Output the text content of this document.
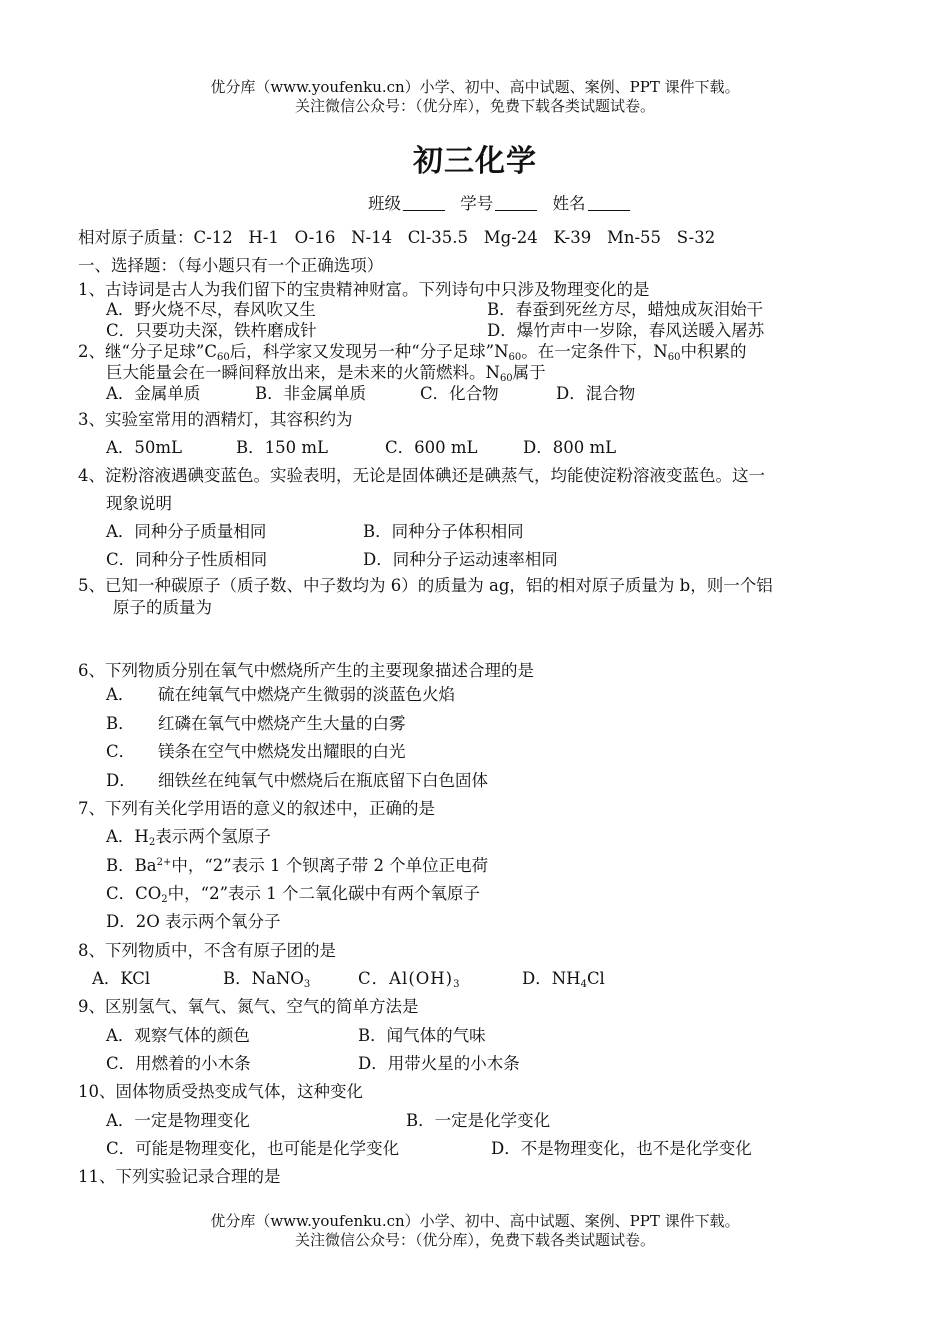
优分库（www.youfenku.cn）小学、初中、高中试题、案例、PPT 课件下载。
关注微信公众号：（优分库），免费下载各类试题试卷。
初三化学
班级	学号	姓名
相对原子质量：C-12   H-1   O-16   N-14   Cl-35.5   Mg-24   K-39   Mn-55   S-32
一、选择题：（每小题只有一个正确选项）
1、古诗词是古人为我们留下的宝贵精神财富。下列诗句中只涉及物理变化的是
A．野火烧不尽，春风吹又生	B．春蚕到死丝方尽，蜡烛成灰泪始干
C．只要功夫深，铁杵磨成针	D．爆竹声中一岁除，春风送暖入屠苏
2、继“分子足球$”C_{60}$后，科学家又发现另一种“分子足球$”N_{60}$。在一定条件下，$N_{60}$中积累的
巨大能量会在一瞬间释放出来，是未来的火箭燃料。$N_{60}$属于
A．金属单质	B．非金属单质	C．化合物	D．混合物
3、实验室常用的酒精灯，其容积约为
A．50mL	B．150 mL	C．600 mL	D．800 mL
4、淀粉溶液遇碘变蓝色。实验表明，无论是固体碘还是碘蒸气，均能使淀粉溶液变蓝色。这一
现象说明
A．同种分子质量相同	B．同种分子体积相同
C．同种分子性质相同	D．同种分子运动速率相同
5、已知一种碳原子（质子数、中子数均为 6）的质量为 ag，铝的相对原子质量为 b，则一个铝
原子的质量为
6、下列物质分别在氧气中燃烧所产生的主要现象描述合理的是
A． 硫在纯氧气中燃烧产生微弱的淡蓝色火焰
B． 红磷在氧气中燃烧产生大量的白雾
C． 镁条在空气中燃烧发出耀眼的白光
D． 细铁丝在纯氧气中燃烧后在瓶底留下白色固体
7、下列有关化学用语的意义的叙述中，正确的是
A．$H_2$表示两个氢原子
B．$Ba^{2+}$中，“2”表示 1 个钡离子带 2 个单位正电荷
C．$CO_2$中，“2”表示 1 个二氧化碳中有两个氧原子
D．2O 表示两个氧分子
8、下列物质中，不含有原子团的是
A．KCl	B．NaNO$_3$	C．$Al(OH)_3$	D．$NH_4Cl$
9、区别氢气、氧气、氮气、空气的简单方法是
A．观察气体的颜色	B．闻气体的气味
C．用燃着的小木条	D．用带火星的小木条
10、固体物质受热变成气体，这种变化
A．一定是物理变化	B．一定是化学变化
C．可能是物理变化，也可能是化学变化	D．不是物理变化，也不是化学变化
11、下列实验记录合理的是
优分库（www.youfenku.cn）小学、初中、高中试题、案例、PPT 课件下载。
关注微信公众号：（优分库），免费下载各类试题试卷。
